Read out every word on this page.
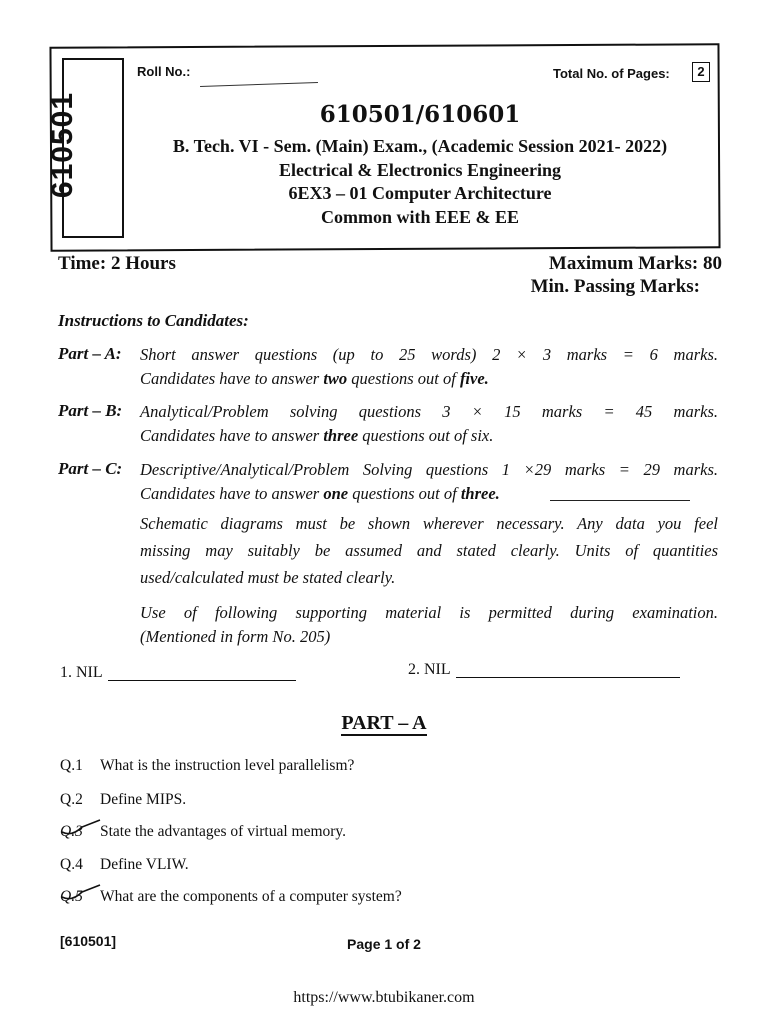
610501
Roll No.:	Total No. of Pages:	2
610501/610601
B. Tech. VI - Sem. (Main) Exam., (Academic Session 2021- 2022)
Electrical & Electronics Engineering
6EX3 – 01 Computer Architecture
Common with EEE & EE
Time: 2 Hours	Maximum Marks: 80
Min. Passing Marks:
Instructions to Candidates:
Part – A: Short answer questions (up to 25 words) 2 × 3 marks = 6 marks.
Candidates have to answer two questions out of five.
Part – B: Analytical/Problem solving questions 3 × 15 marks = 45 marks.
Candidates have to answer three questions out of six.
Part – C: Descriptive/Analytical/Problem Solving questions 1 ×29 marks = 29 marks.
Candidates have to answer one questions out of three.
Schematic diagrams must be shown wherever necessary. Any data you feel
missing may suitably be assumed and stated clearly. Units of quantities
used/calculated must be stated clearly.
Use of following supporting material is permitted during examination.
(Mentioned in form No. 205)
1. NIL	2. NIL
PART – A
Q.1 What is the instruction level parallelism?
Q.2 Define MIPS.
Q.3 State the advantages of virtual memory.
Q.4 Define VLIW.
Q.5 What are the components of a computer system?
[610501]	Page 1 of 2
https://www.btubikaner.com
